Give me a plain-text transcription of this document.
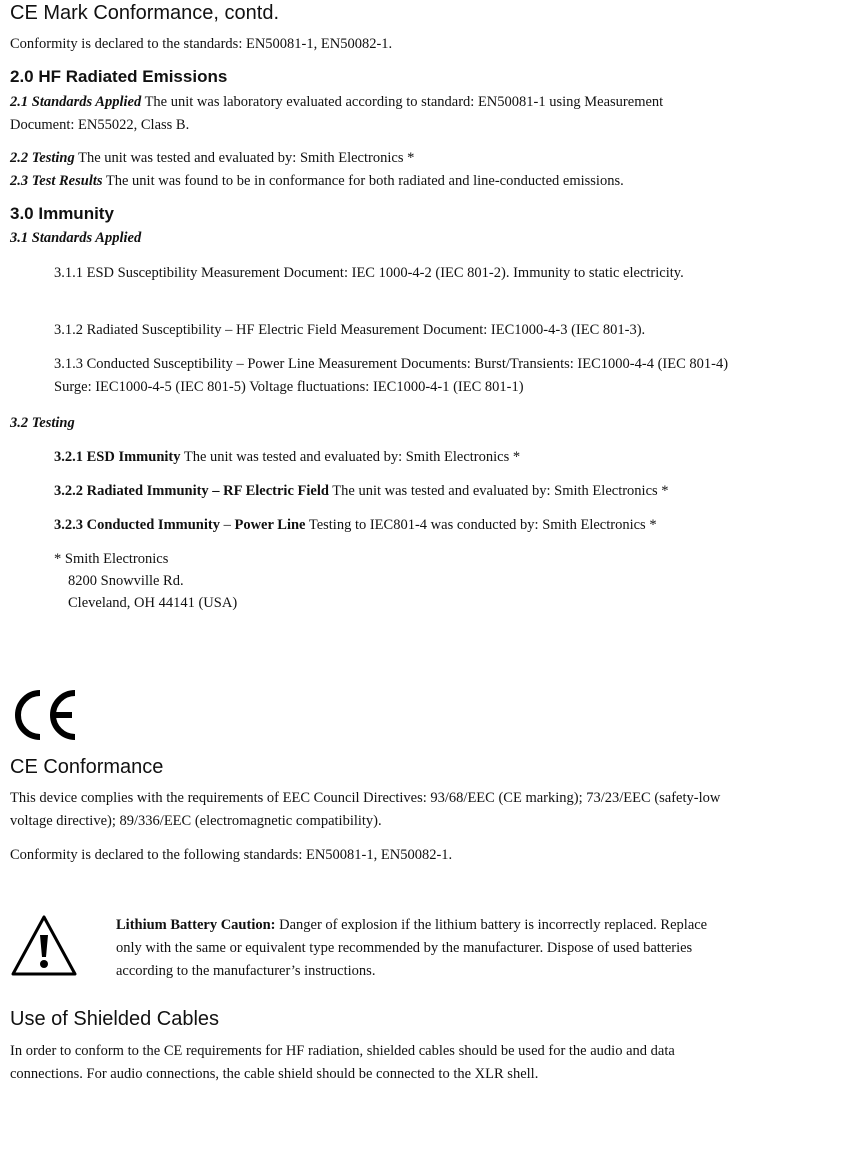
CE Mark Conformance, contd.

Conformity is declared to the standards: EN50081-1, EN50082-1.

2.0 HF Radiated Emissions

2.1 Standards Applied The unit was laboratory evaluated according to standard: EN50081-1 using Measurement Document: EN55022, Class B.

2.2 Testing The unit was tested and evaluated by: Smith Electronics *

2.3 Test Results The unit was found to be in conformance for both radiated and line-conducted emissions.

3.0 Immunity

3.1 Standards Applied

3.1.1 ESD Susceptibility Measurement Document: IEC 1000-4-2 (IEC 801-2). Immunity to static electricity.

3.1.2 Radiated Susceptibility – HF Electric Field Measurement Document: IEC1000-4-3 (IEC 801-3).

3.1.3 Conducted Susceptibility – Power Line Measurement Documents: Burst/Transients: IEC1000-4-4 (IEC 801-4) Surge: IEC1000-4-5 (IEC 801-5) Voltage fluctuations: IEC1000-4-1 (IEC 801-1)

3.2 Testing

3.2.1 ESD Immunity The unit was tested and evaluated by: Smith Electronics *

3.2.2 Radiated Immunity – RF Electric Field The unit was tested and evaluated by: Smith Electronics *

3.2.3 Conducted Immunity – Power Line Testing to IEC801-4 was conducted by: Smith Electronics *

* Smith Electronics
8200 Snowville Rd.
Cleveland, OH 44141 (USA)
CE Conformance

This device complies with the requirements of EEC Council Directives: 93/68/EEC (CE marking); 73/23/EEC (safety-low voltage directive); 89/336/EEC (electromagnetic compatibility).

Conformity is declared to the following standards: EN50081-1, EN50082-1.

Lithium Battery Caution: Danger of explosion if the lithium battery is incorrectly replaced. Replace only with the same or equivalent type recommended by the manufacturer. Dispose of used batteries according to the manufacturer’s instructions.

Use of Shielded Cables

In order to conform to the CE requirements for HF radiation, shielded cables should be used for the audio and data connections. For audio connections, the cable shield should be connected to the XLR shell.
